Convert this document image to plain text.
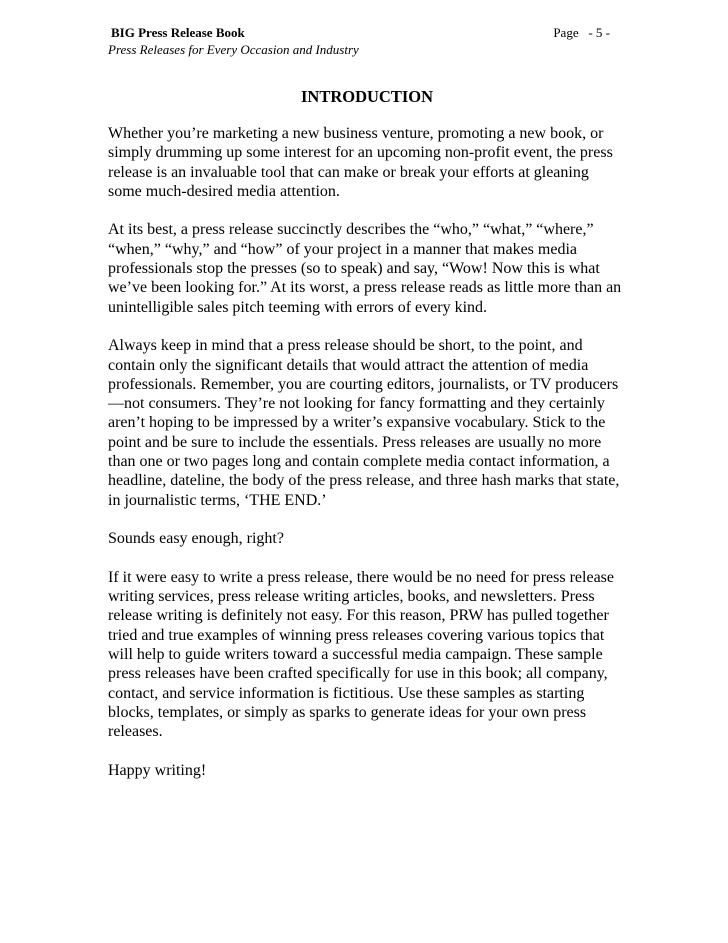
BIG Press Release Book	Page   - 5 -
Press Releases for Every Occasion and Industry
INTRODUCTION

Whether you’re marketing a new business venture, promoting a new book, or simply drumming up some interest for an upcoming non-profit event, the press release is an invaluable tool that can make or break your efforts at gleaning some much-desired media attention.

At its best, a press release succinctly describes the “who,” “what,” “where,” “when,” “why,” and “how” of your project in a manner that makes media professionals stop the presses (so to speak) and say, “Wow! Now this is what we’ve been looking for.” At its worst, a press release reads as little more than an unintelligible sales pitch teeming with errors of every kind.

Always keep in mind that a press release should be short, to the point, and contain only the significant details that would attract the attention of media professionals. Remember, you are courting editors, journalists, or TV producers—not consumers. They’re not looking for fancy formatting and they certainly aren’t hoping to be impressed by a writer’s expansive vocabulary. Stick to the point and be sure to include the essentials. Press releases are usually no more than one or two pages long and contain complete media contact information, a headline, dateline, the body of the press release, and three hash marks that state, in journalistic terms, ‘THE END.’

Sounds easy enough, right?

If it were easy to write a press release, there would be no need for press release writing services, press release writing articles, books, and newsletters. Press release writing is definitely not easy. For this reason, PRW has pulled together tried and true examples of winning press releases covering various topics that will help to guide writers toward a successful media campaign. These sample press releases have been crafted specifically for use in this book; all company, contact, and service information is fictitious. Use these samples as starting blocks, templates, or simply as sparks to generate ideas for your own press releases.

Happy writing!
